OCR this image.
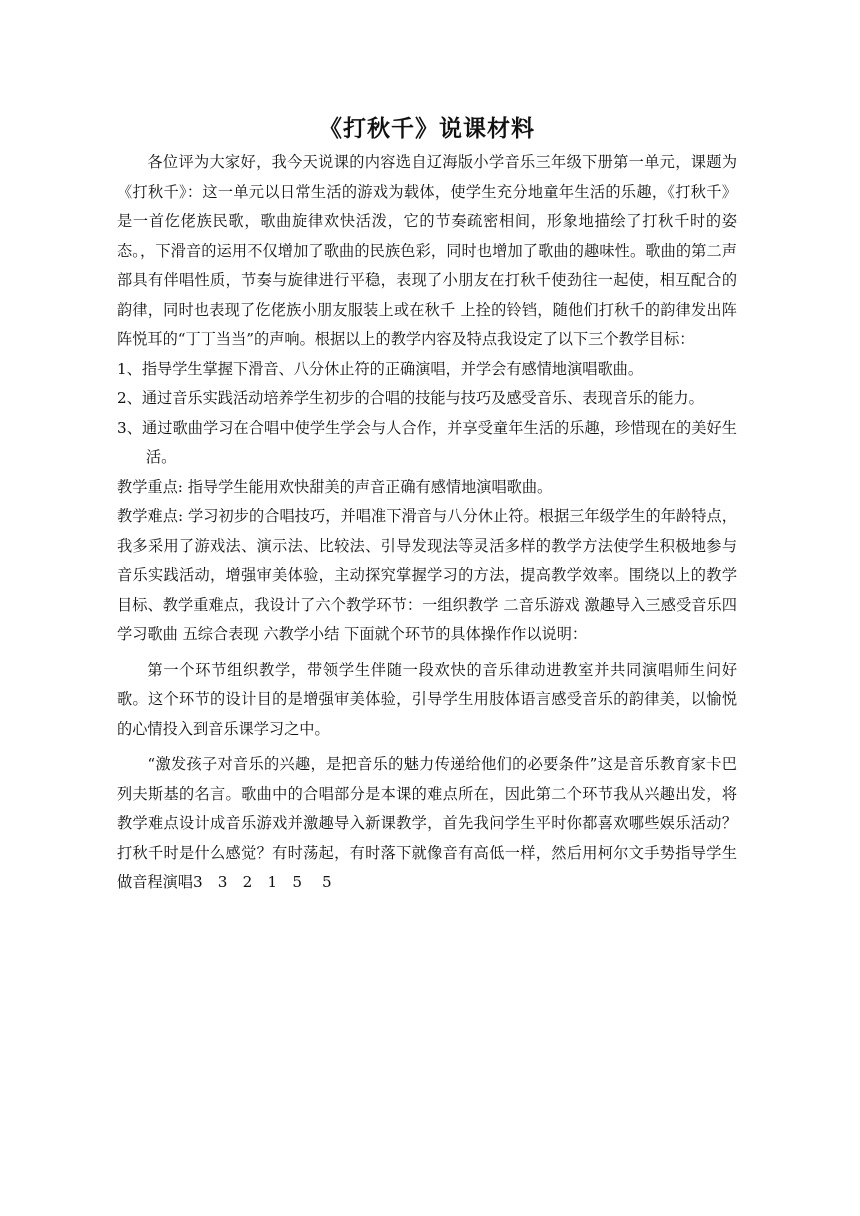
《打秋千》说课材料

各位评为大家好，我今天说课的内容选自辽海版小学音乐三年级下册第一单元，课题为《打秋千》：这一单元以日常生活的游戏为载体，使学生充分地童年生活的乐趣，《打秋千》是一首仡佬族民歌，歌曲旋律欢快活泼，它的节奏疏密相间，形象地描绘了打秋千时的姿态。，下滑音的运用不仅增加了歌曲的民族色彩，同时也增加了歌曲的趣味性。歌曲的第二声部具有伴唱性质，节奏与旋律进行平稳，表现了小朋友在打秋千使劲往一起使，相互配合的韵律，同时也表现了仡佬族小朋友服装上或在秋千 上拴的铃铛，随他们打秋千的韵律发出阵阵悦耳的“丁丁当当”的声响。根据以上的教学内容及特点我设定了以下三个教学目标：

1、指导学生掌握下滑音、八分休止符的正确演唱，并学会有感情地演唱歌曲。

2、通过音乐实践活动培养学生初步的合唱的技能与技巧及感受音乐、表现音乐的能力。

3、通过歌曲学习在合唱中使学生学会与人合作，并享受童年生活的乐趣，珍惜现在的美好生活。

教学重点: 指导学生能用欢快甜美的声音正确有感情地演唱歌曲。

教学难点: 学习初步的合唱技巧，并唱准下滑音与八分休止符。根据三年级学生的年龄特点，我多采用了游戏法、演示法、比较法、引导发现法等灵活多样的教学方法使学生积极地参与音乐实践活动，增强审美体验，主动探究掌握学习的方法，提高教学效率。围绕以上的教学目标、教学重难点，我设计了六个教学环节：一组织教学 二音乐游戏 激趣导入三感受音乐四学习歌曲 五综合表现 六教学小结 下面就个环节的具体操作作以说明：

第一个环节组织教学，带领学生伴随一段欢快的音乐律动进教室并共同演唱师生问好歌。这个环节的设计目的是增强审美体验，引导学生用肢体语言感受音乐的韵律美，以愉悦的心情投入到音乐课学习之中。

“激发孩子对音乐的兴趣，是把音乐的魅力传递给他们的必要条件”这是音乐教育家卡巴列夫斯基的名言。歌曲中的合唱部分是本课的难点所在，因此第二个环节我从兴趣出发，将教学难点设计成音乐游戏并激趣导入新课教学，首先我问学生平时你都喜欢哪些娱乐活动？打秋千时是什么感觉？有时荡起，有时落下就像音有高低一样，然后用柯尔文手势指导学生做音程演唱3　3　2　1　5　 5
